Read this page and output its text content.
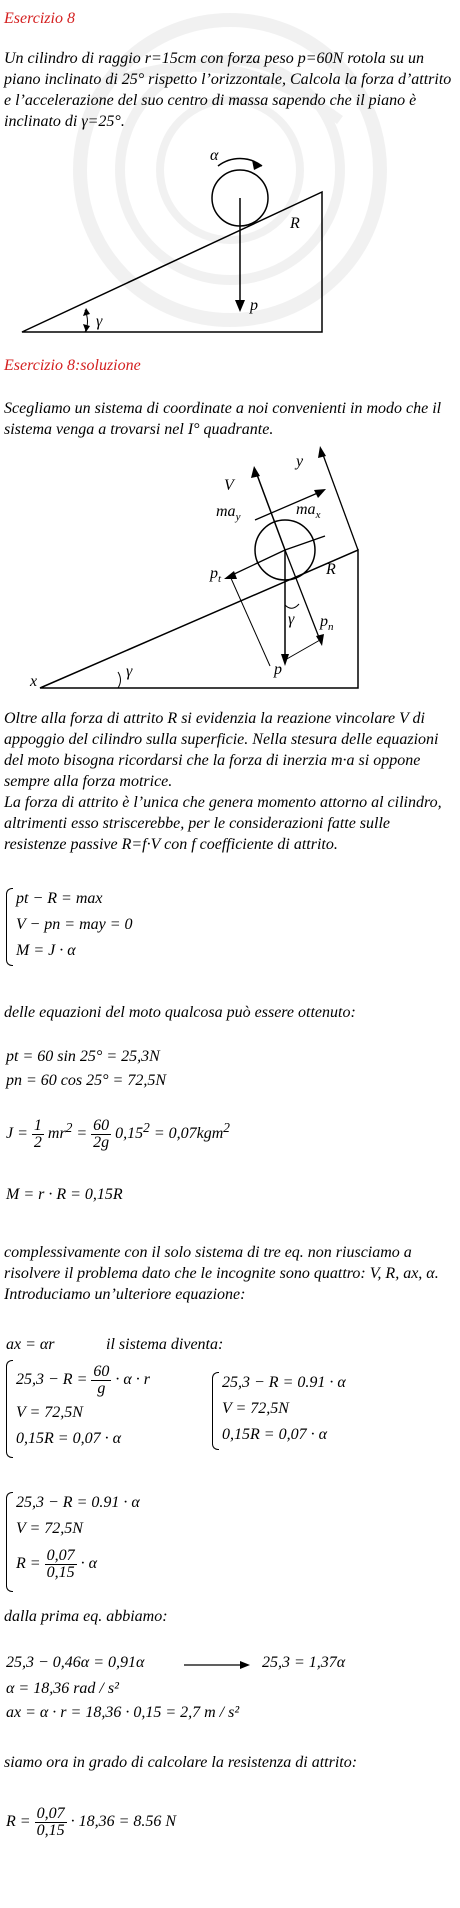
Esercizio 8
Un cilindro di raggio r=15cm con forza peso p=60N rotola su un piano inclinato di 25° rispetto l’orizzontale, Calcola la forza d’attrito e l’accelerazione del suo centro di massa sapendo che il piano è inclinato di γ=25°.
α
R
p
γ
Esercizio 8:soluzione
Scegliamo un sistema di coordinate a noi convenienti in modo che il sistema venga a trovarsi nel I° quadrante.
y
V
$ma_y$	$ma_x$
$p_t$
R
γ $p_n$
p
x
γ
Oltre alla forza di attrito R si evidenzia la reazione vincolare V di appoggio del cilindro sulla superficie. Nella stesura delle equazioni del moto bisogna ricordarsi che la forza di inerzia m·a si oppone sempre alla forza motrice.
La forza di attrito è l’unica che genera momento attorno al cilindro, altrimenti esso striscerebbe, per le considerazioni fatte sulle resistenze passive R=f·V con f coefficiente di attrito.
pt − R = max
V − pn = may = 0
M = J · α
delle equazioni del moto qualcosa può essere ottenuto:
pt = 60 sin 25° = 25,3N
pn = 60 cos 25° = 72,5N
$J = \frac{1}{2} mr^2 = \frac{60}{2g} 0,15^2 = 0,07kgm^2$
M = r · R = 0,15R
complessivamente con il solo sistema di tre eq. non riusciamo a risolvere il problema dato che le incognite sono quattro: V, R, ax, α. Introduciamo un’ulteriore equazione:
ax = αr	il sistema diventa:
$25,3 - R = \frac{60}{g} \cdot \alpha \cdot r$
V = 72,5N
0,15R = 0,07 · α
25,3 − R = 0.91 · α
V = 72,5N
0,15R = 0,07 · α
25,3 − R = 0.91 · α
V = 72,5N
$R = \frac{0,07}{0,15} \cdot \alpha$
dalla prima eq. abbiamo:
25,3 − 0,46α = 0,91α	25,3 = 1,37α
α = 18,36 rad / s²
ax = α · r = 18,36 · 0,15 = 2,7 m / s²
siamo ora in grado di calcolare la resistenza di attrito:
$R = \frac{0,07}{0,15} \cdot 18,36 = 8.56$ N
